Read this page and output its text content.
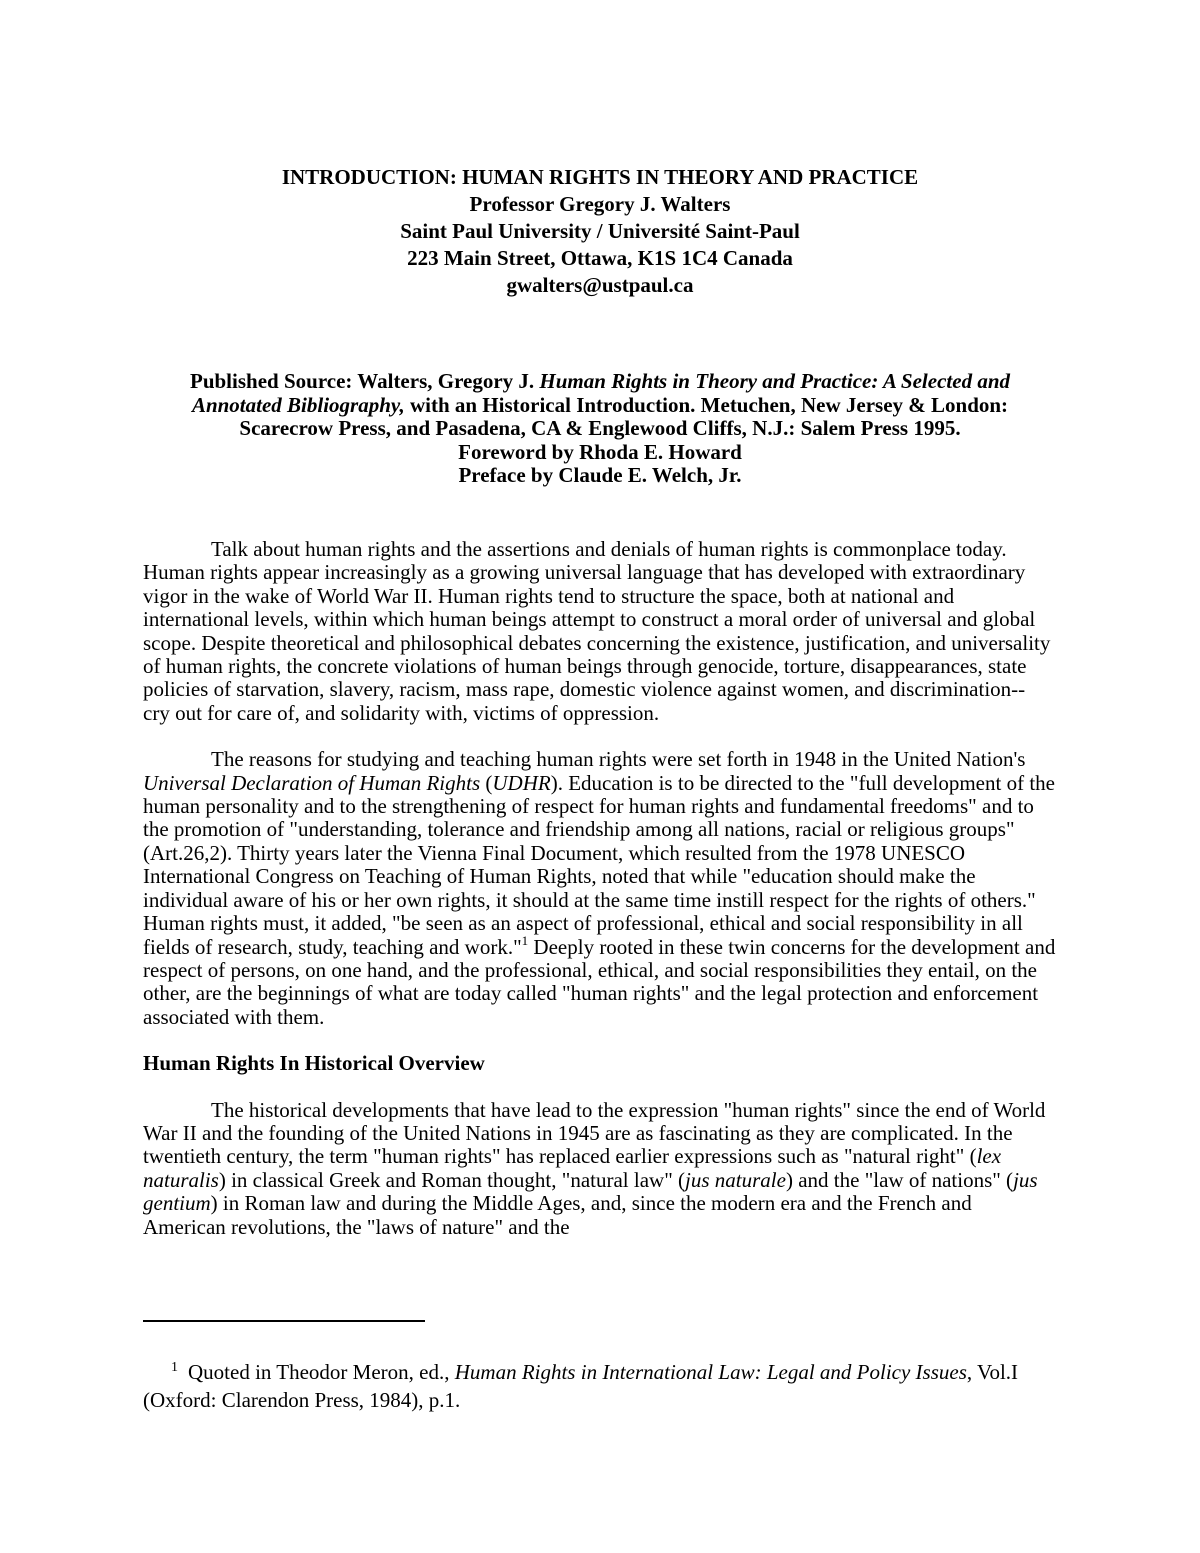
INTRODUCTION: HUMAN RIGHTS IN THEORY AND PRACTICE
Professor Gregory J. Walters
Saint Paul University / Université Saint-Paul
223 Main Street, Ottawa, K1S 1C4 Canada
gwalters@ustpaul.ca

Published Source: Walters, Gregory J. Human Rights in Theory and Practice: A Selected and Annotated Bibliography, with an Historical Introduction. Metuchen, New Jersey & London: Scarecrow Press, and Pasadena, CA & Englewood Cliffs, N.J.: Salem Press 1995.

Foreword by Rhoda E. Howard
Preface by Claude E. Welch, Jr.

Talk about human rights and the assertions and denials of human rights is commonplace today. Human rights appear increasingly as a growing universal language that has developed with extraordinary vigor in the wake of World War II. Human rights tend to structure the space, both at national and international levels, within which human beings attempt to construct a moral order of universal and global scope. Despite theoretical and philosophical debates concerning the existence, justification, and universality of human rights, the concrete violations of human beings through genocide, torture, disappearances, state policies of starvation, slavery, racism, mass rape, domestic violence against women, and discrimination-- cry out for care of, and solidarity with, victims of oppression.

The reasons for studying and teaching human rights were set forth in 1948 in the United Nation's Universal Declaration of Human Rights (UDHR). Education is to be directed to the "full development of the human personality and to the strengthening of respect for human rights and fundamental freedoms" and to the promotion of "understanding, tolerance and friendship among all nations, racial or religious groups" (Art.26,2). Thirty years later the Vienna Final Document, which resulted from the 1978 UNESCO International Congress on Teaching of Human Rights, noted that while "education should make the individual aware of his or her own rights, it should at the same time instill respect for the rights of others." Human rights must, it added, "be seen as an aspect of professional, ethical and social responsibility in all fields of research, study, teaching and work."$^1$ Deeply rooted in these twin concerns for the development and respect of persons, on one hand, and the professional, ethical, and social responsibilities they entail, on the other, are the beginnings of what are today called "human rights" and the legal protection and enforcement associated with them.

Human Rights In Historical Overview

The historical developments that have lead to the expression "human rights" since the end of World War II and the founding of the United Nations in 1945 are as fascinating as they are complicated. In the twentieth century, the term "human rights" has replaced earlier expressions such as "natural right" (lex naturalis) in classical Greek and Roman thought, "natural law" (jus naturale) and the "law of nations" (jus gentium) in Roman law and during the Middle Ages, and, since the modern era and the French and American revolutions, the "laws of nature" and the

$^1$ Quoted in Theodor Meron, ed., Human Rights in International Law: Legal and Policy Issues, Vol.I (Oxford: Clarendon Press, 1984), p.1.
